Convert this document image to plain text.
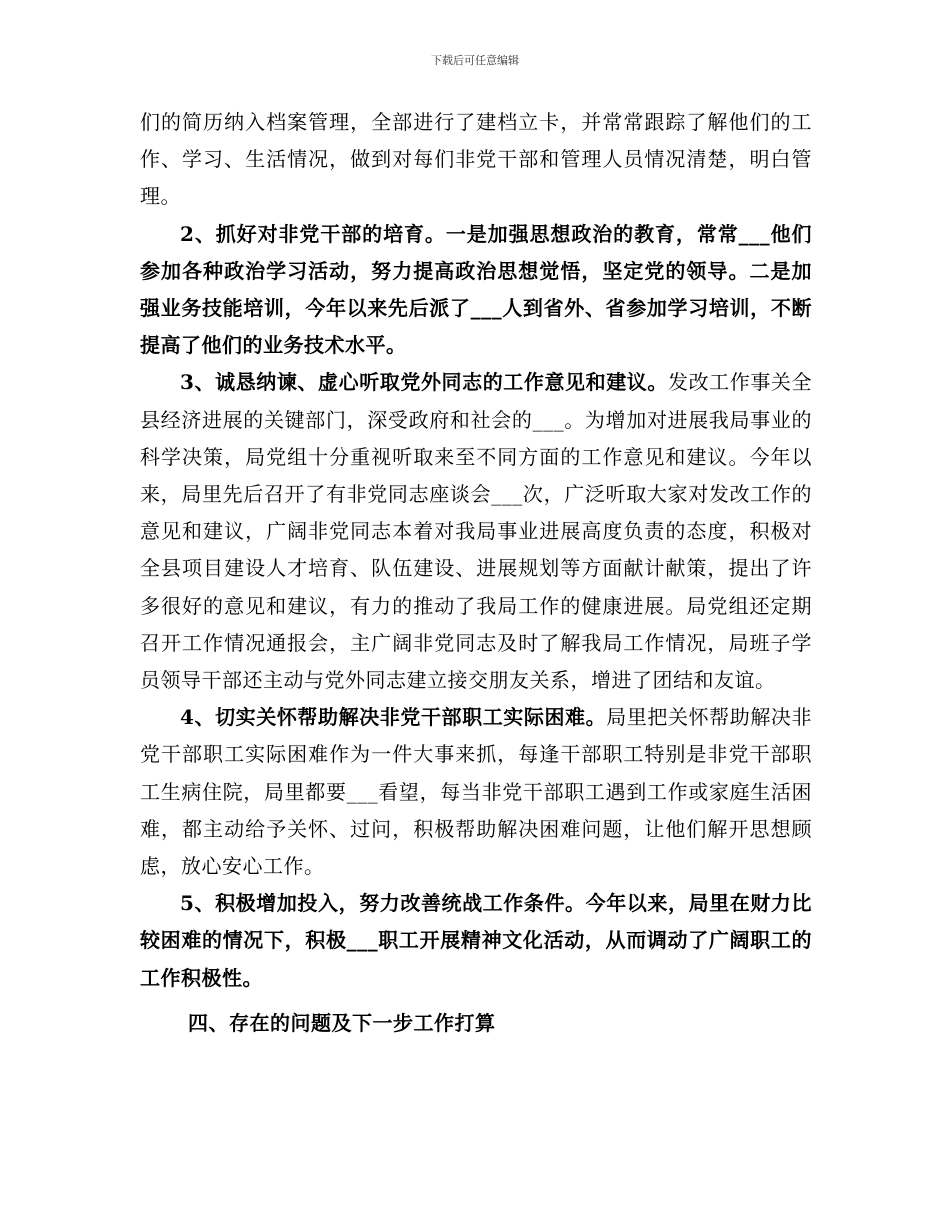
下载后可任意编辑

们的简历纳入档案管理，全部进行了建档立卡，并常常跟踪了解他们的工作、学习、生活情况，做到对每们非党干部和管理人员情况清楚，明白管理。

2、抓好对非党干部的培育。一是加强思想政治的教育，常常___他们参加各种政治学习活动，努力提高政治思想觉悟，坚定党的领导。二是加强业务技能培训，今年以来先后派了___人到省外、省参加学习培训，不断提高了他们的业务技术水平。

3、诚恳纳谏、虚心听取党外同志的工作意见和建议。发改工作事关全县经济进展的关键部门，深受政府和社会的___。为增加对进展我局事业的科学决策，局党组十分重视听取来至不同方面的工作意见和建议。今年以来，局里先后召开了有非党同志座谈会___次，广泛听取大家对发改工作的意见和建议，广阔非党同志本着对我局事业进展高度负责的态度，积极对全县项目建设人才培育、队伍建设、进展规划等方面献计献策，提出了许多很好的意见和建议，有力的推动了我局工作的健康进展。局党组还定期召开工作情况通报会，主广阔非党同志及时了解我局工作情况，局班子学员领导干部还主动与党外同志建立接交朋友关系，增进了团结和友谊。

4、切实关怀帮助解决非党干部职工实际困难。局里把关怀帮助解决非党干部职工实际困难作为一件大事来抓，每逢干部职工特别是非党干部职工生病住院，局里都要___看望，每当非党干部职工遇到工作或家庭生活困难，都主动给予关怀、过问，积极帮助解决困难问题，让他们解开思想顾虑，放心安心工作。

5、积极增加投入，努力改善统战工作条件。今年以来，局里在财力比较困难的情况下，积极___职工开展精神文化活动，从而调动了广阔职工的工作积极性。

四、存在的问题及下一步工作打算
